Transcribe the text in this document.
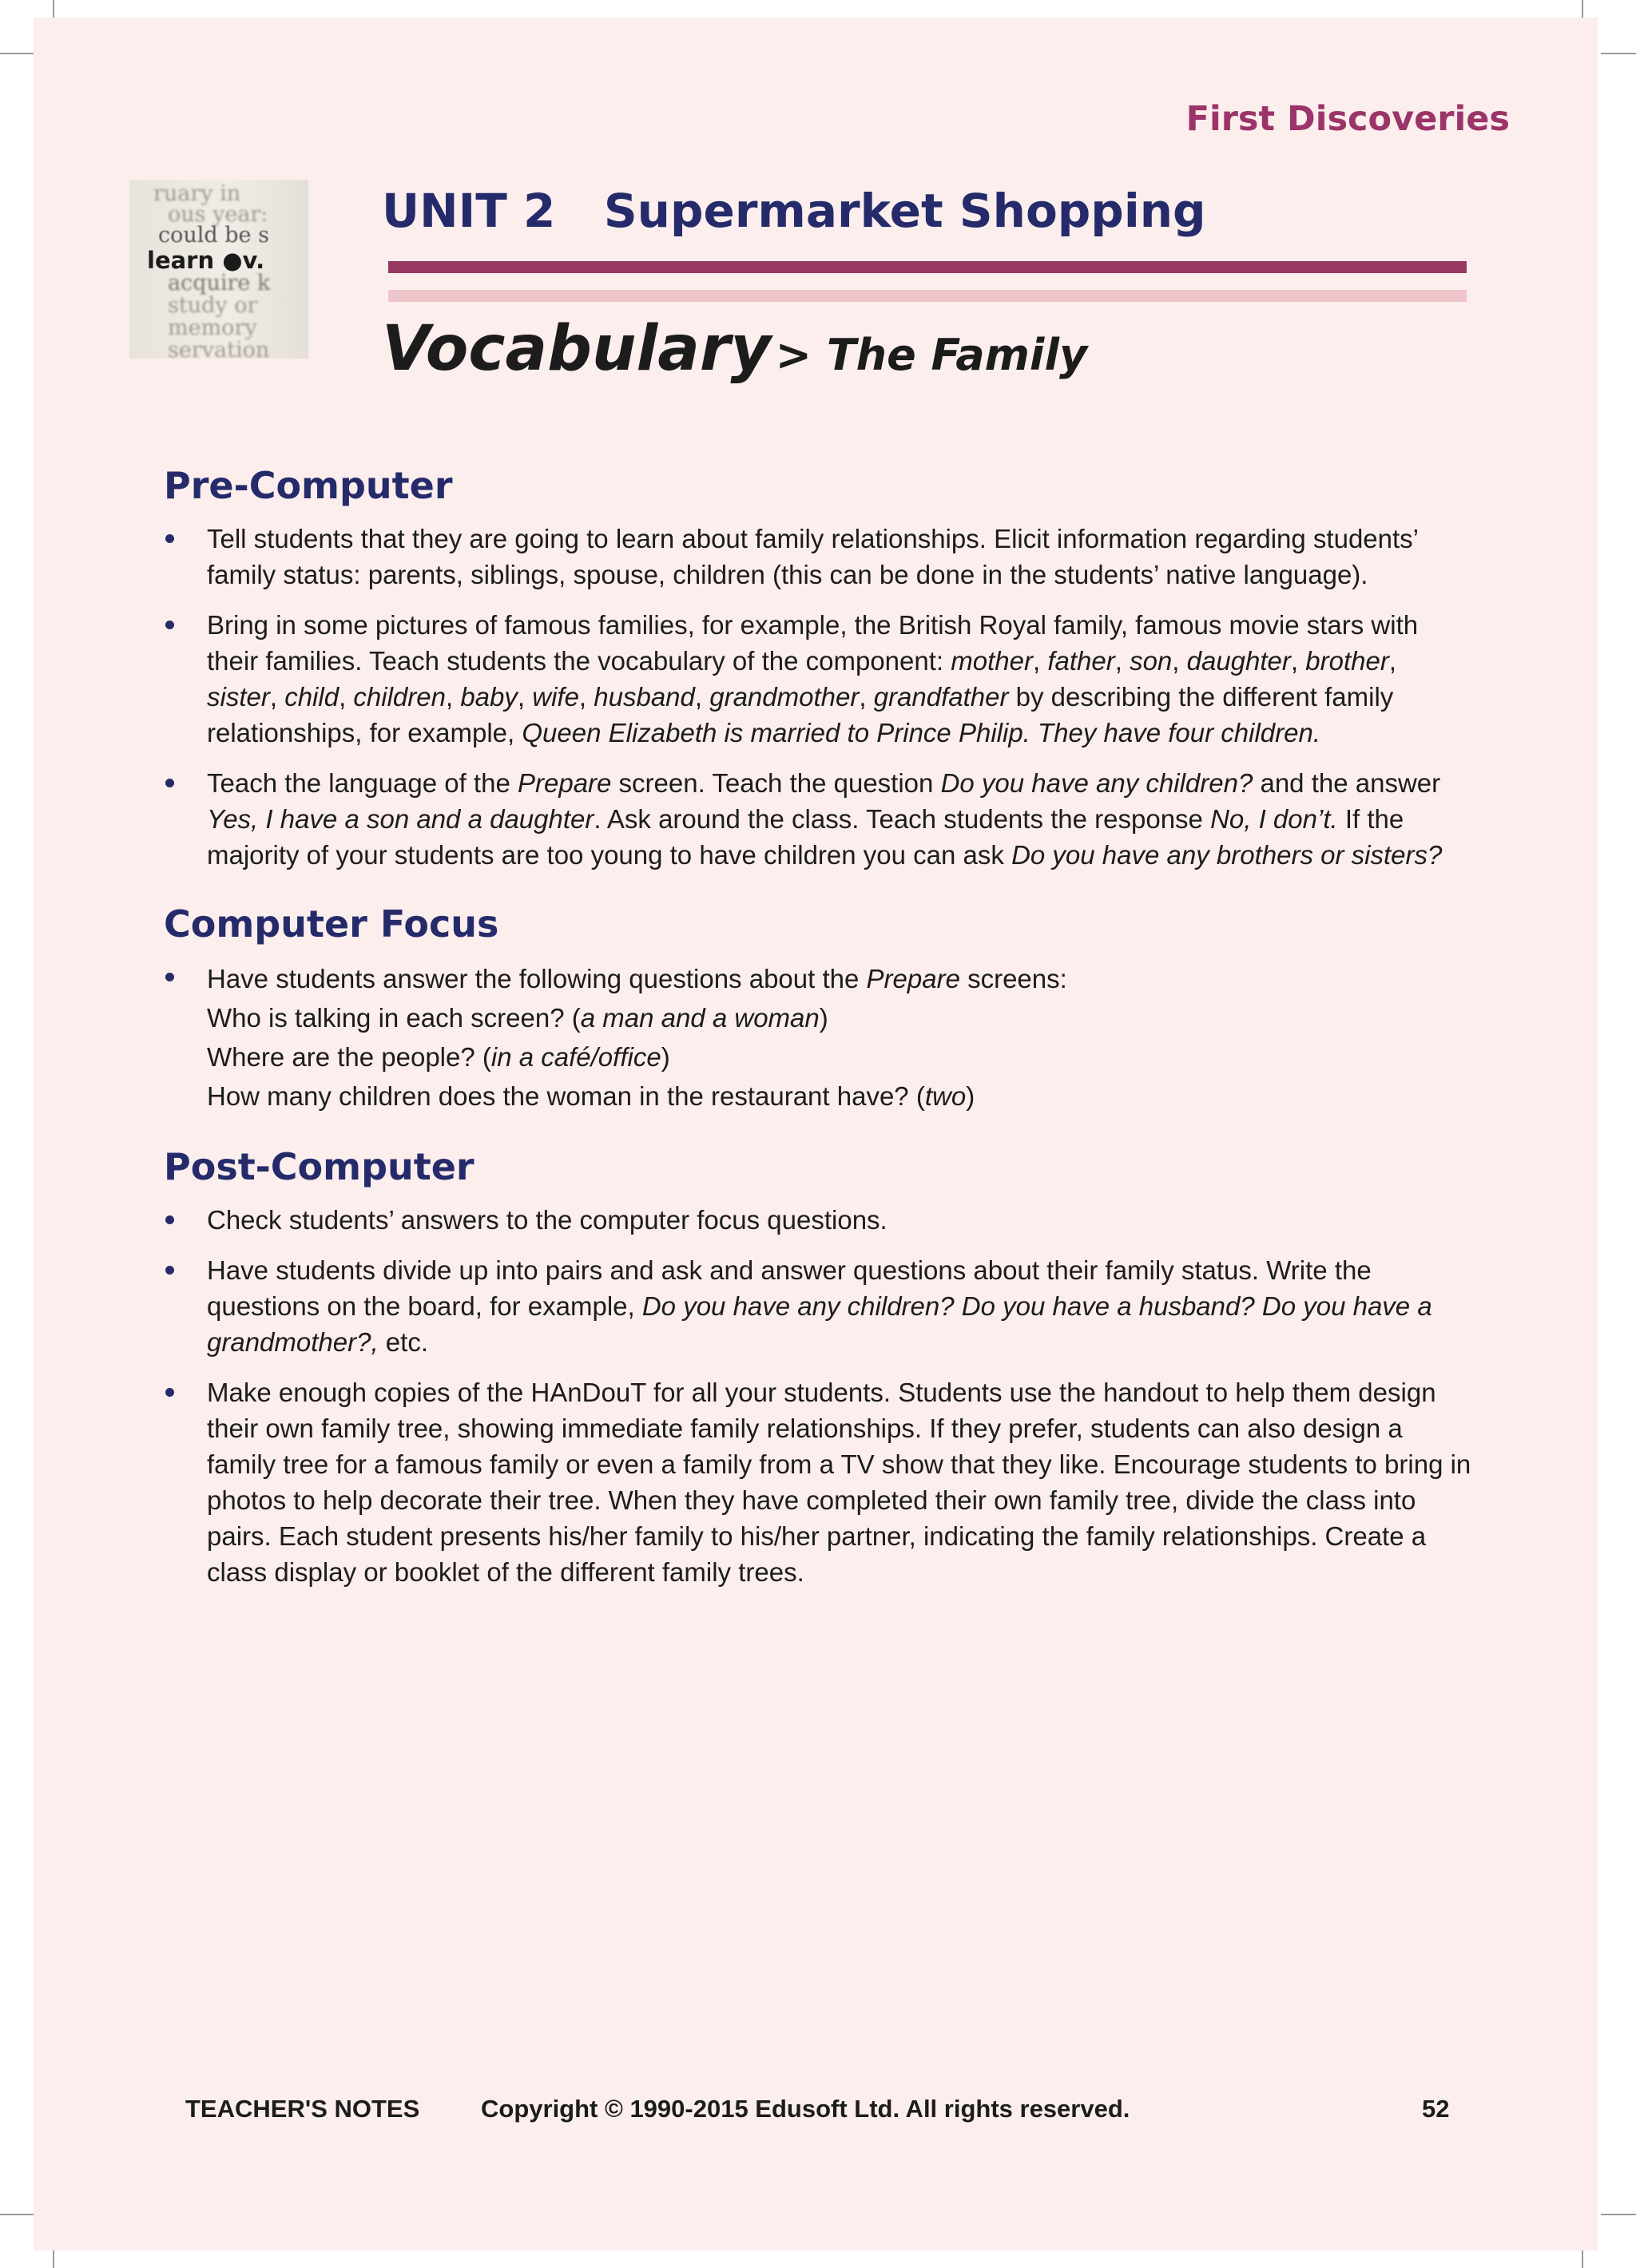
First Discoveries
ruary in
ous year:
could be s
learn ●v.
acquire k
study or
memory
servation
UNIT 2   Supermarket Shopping
Vocabulary > The Family
Pre-Computer
Tell students that they are going to learn about family relationships. Elicit information regarding students’ family status: parents, siblings, spouse, children (this can be done in the students’ native language).
Bring in some pictures of famous families, for example, the British Royal family, famous movie stars with their families. Teach students the vocabulary of the component: mother, father, son, daughter, brother, sister, child, children, baby, wife, husband, grandmother, grandfather by describing the different family relationships, for example, Queen Elizabeth is married to Prince Philip. They have four children.
Teach the language of the Prepare screen. Teach the question Do you have any children? and the answer Yes, I have a son and a daughter. Ask around the class. Teach students the response No, I don’t. If the majority of your students are too young to have children you can ask Do you have any brothers or sisters?
Computer Focus
Have students answer the following questions about the Prepare screens:
Who is talking in each screen? (a man and a woman)
Where are the people? (in a café/office)
How many children does the woman in the restaurant have? (two)
Post-Computer
Check students’ answers to the computer focus questions.
Have students divide up into pairs and ask and answer questions about their family status. Write the questions on the board, for example, Do you have any children? Do you have a husband? Do you have a grandmother?, etc.
Make enough copies of the HAnDouT for all your students. Students use the handout to help them design their own family tree, showing immediate family relationships. If they prefer, students can also design a family tree for a famous family or even a family from a TV show that they like. Encourage students to bring in photos to help decorate their tree. When they have completed their own family tree, divide the class into pairs. Each student presents his/her family to his/her partner, indicating the family relationships. Create a class display or booklet of the different family trees.
TEACHER'S NOTES Copyright © 1990-2015 Edusoft Ltd. All rights reserved.	52
